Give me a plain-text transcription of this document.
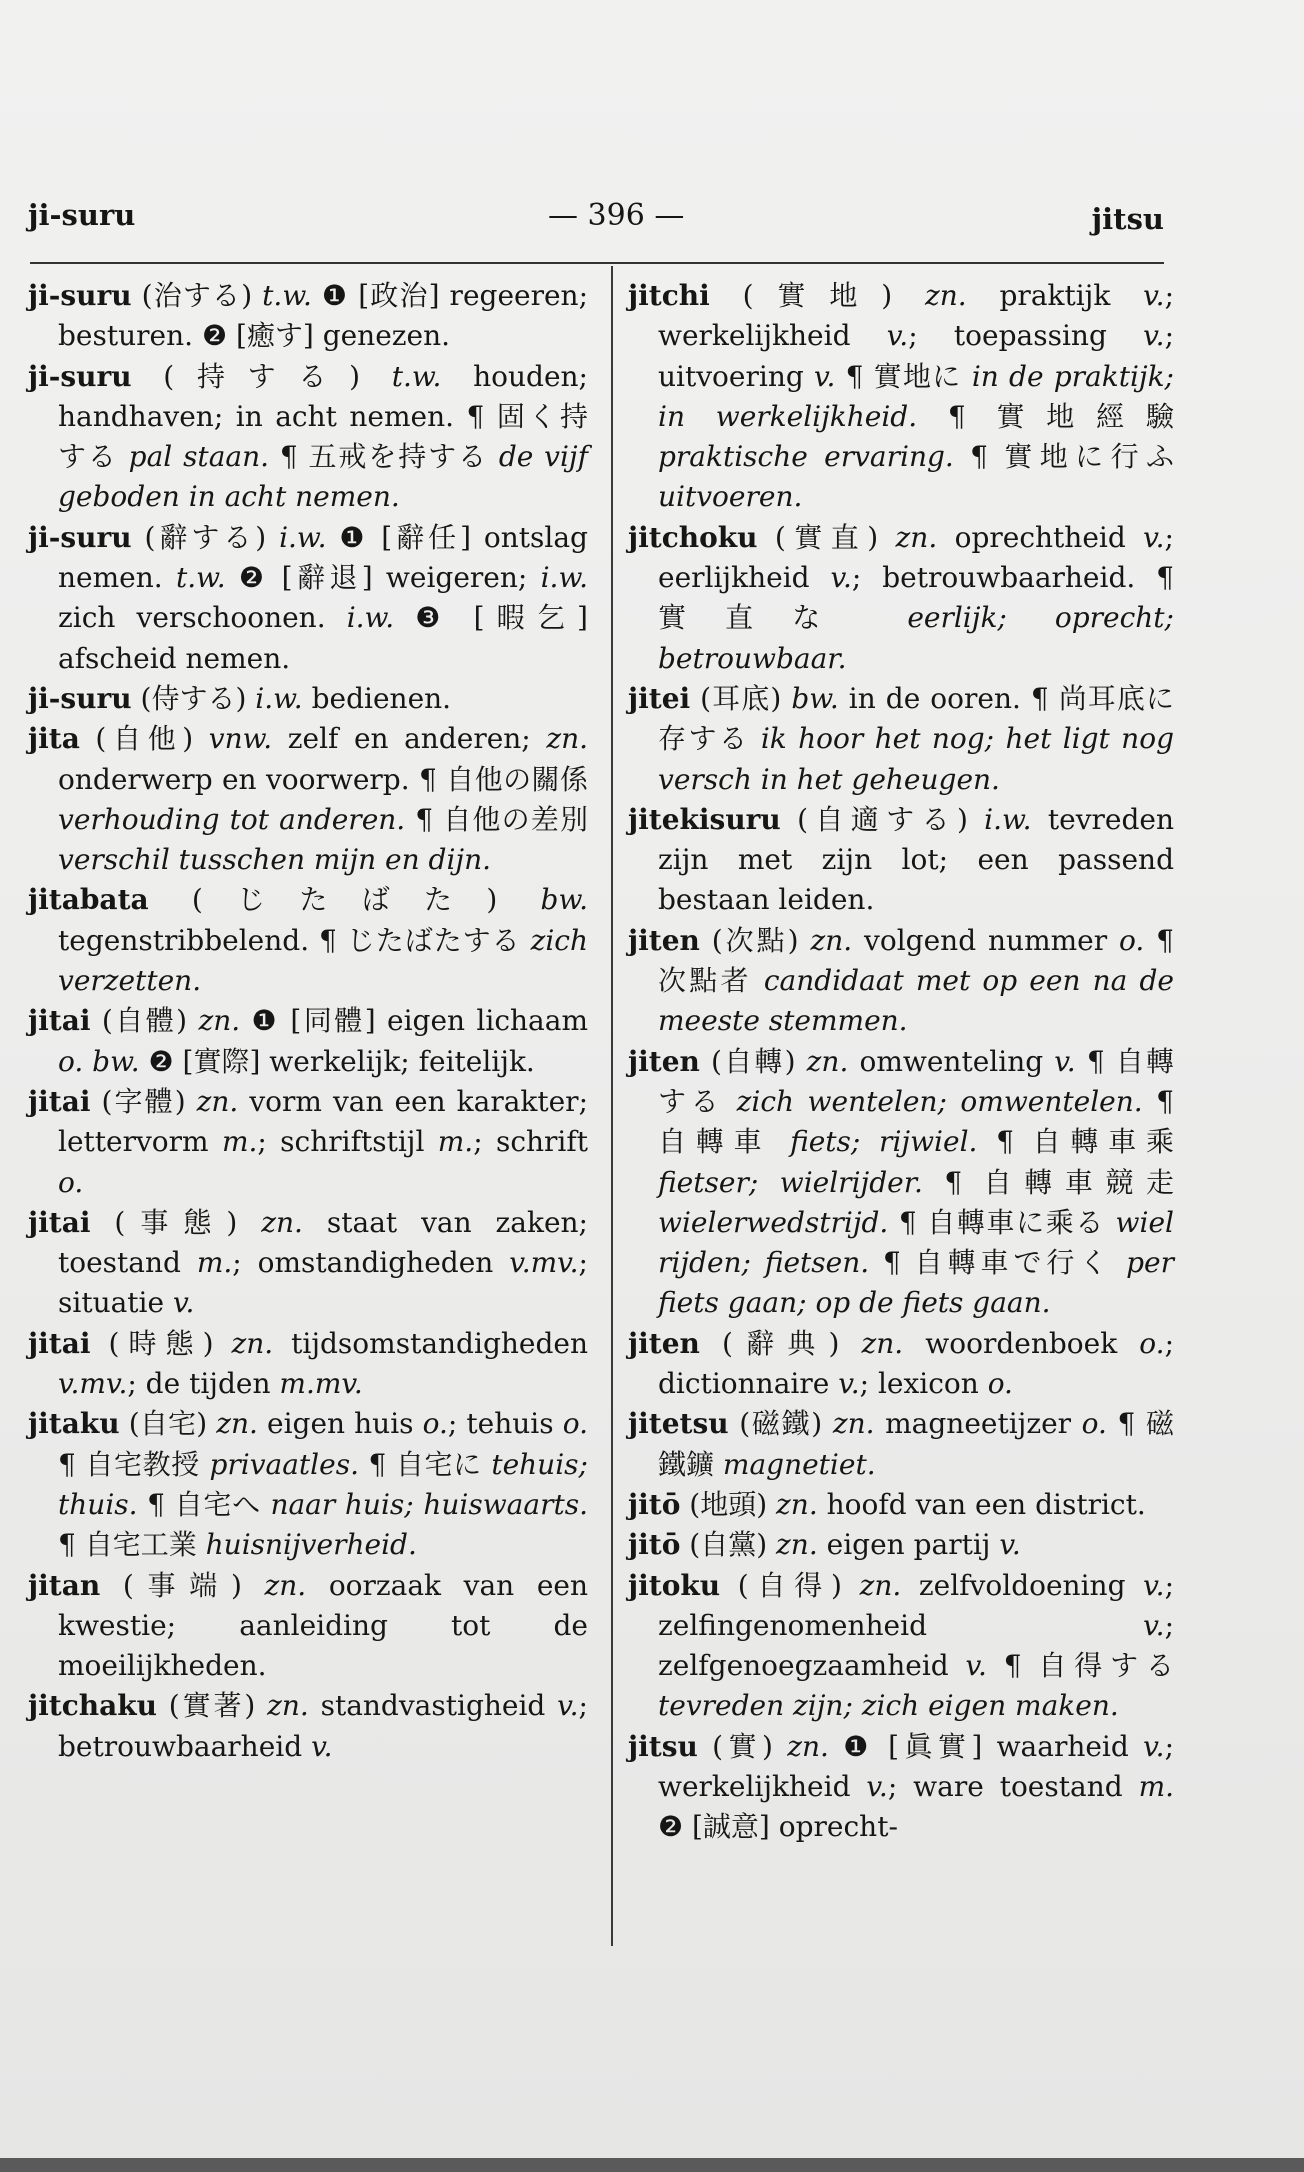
ji-suru	— 396 —	jitsu

ji-suru (治する) t.w. ❶ [政治] regeeren; besturen. ❷ [癒す] genezen.

ji-suru (持する) t.w. houden; handhaven; in acht nemen. ¶ 固く持する pal staan. ¶ 五戒を持する de vijf geboden in acht nemen.

ji-suru (辭する) i.w. ❶ [辭任] ontslag nemen. t.w. ❷ [辭退] weigeren; i.w. zich verschoonen. i.w. ❸ [暇乞] afscheid nemen.

ji-suru (侍する) i.w. bedienen.

jita (自他) vnw. zelf en anderen; zn. onderwerp en voorwerp. ¶ 自他の關係 verhouding tot anderen. ¶ 自他の差別 verschil tusschen mijn en dijn.

jitabata (じたばた) bw. tegenstribbelend. ¶ じたばたする zich verzetten.

jitai (自體) zn. ❶ [同體] eigen lichaam o. bw. ❷ [實際] werkelijk; feitelijk.

jitai (字體) zn. vorm van een karakter; lettervorm m.; schriftstijl m.; schrift o.

jitai (事態) zn. staat van zaken; toestand m.; omstandigheden v.mv.; situatie v.

jitai (時態) zn. tijdsomstandigheden v.mv.; de tijden m.mv.

jitaku (自宅) zn. eigen huis o.; tehuis o. ¶ 自宅教授 privaatles. ¶ 自宅に tehuis; thuis. ¶ 自宅へ naar huis; huiswaarts. ¶ 自宅工業 huisnijverheid.

jitan (事端) zn. oorzaak van een kwestie; aanleiding tot de moeilijkheden.

jitchaku (實著) zn. standvastigheid v.; betrouwbaarheid v.

jitchi (實地) zn. praktijk v.; werkelijkheid v.; toepassing v.; uitvoering v. ¶ 實地に in de praktijk; in werkelijkheid. ¶ 實地經驗 praktische ervaring. ¶ 實地に行ふ uitvoeren.

jitchoku (實直) zn. oprechtheid v.; eerlijkheid v.; betrouwbaarheid. ¶ 實直な eerlijk; oprecht; betrouwbaar.

jitei (耳底) bw. in de ooren. ¶ 尚耳底に存する ik hoor het nog; het ligt nog versch in het geheugen.

jitekisuru (自適する) i.w. tevreden zijn met zijn lot; een passend bestaan leiden.

jiten (次點) zn. volgend nummer o. ¶ 次點者 candidaat met op een na de meeste stemmen.

jiten (自轉) zn. omwenteling v. ¶ 自轉する zich wentelen; omwentelen. ¶ 自轉車 fiets; rijwiel. ¶ 自轉車乘 fietser; wielrijder. ¶ 自轉車競走 wielerwedstrijd. ¶ 自轉車に乘る wiel rijden; fietsen. ¶ 自轉車で行く per fiets gaan; op de fiets gaan.

jiten (辭典) zn. woordenboek o.; dictionnaire v.; lexicon o.

jitetsu (磁鐵) zn. magneetijzer o. ¶ 磁鐵鑛 magnetiet.

jitō (地頭) zn. hoofd van een district.

jitō (自黨) zn. eigen partij v.

jitoku (自得) zn. zelfvoldoening v.; zelfingenomenheid v.; zelfgenoegzaamheid v. ¶ 自得する tevreden zijn; zich eigen maken.

jitsu (實) zn. ❶ [眞實] waarheid v.; werkelijkheid v.; ware toestand m. ❷ [誠意] oprecht-
